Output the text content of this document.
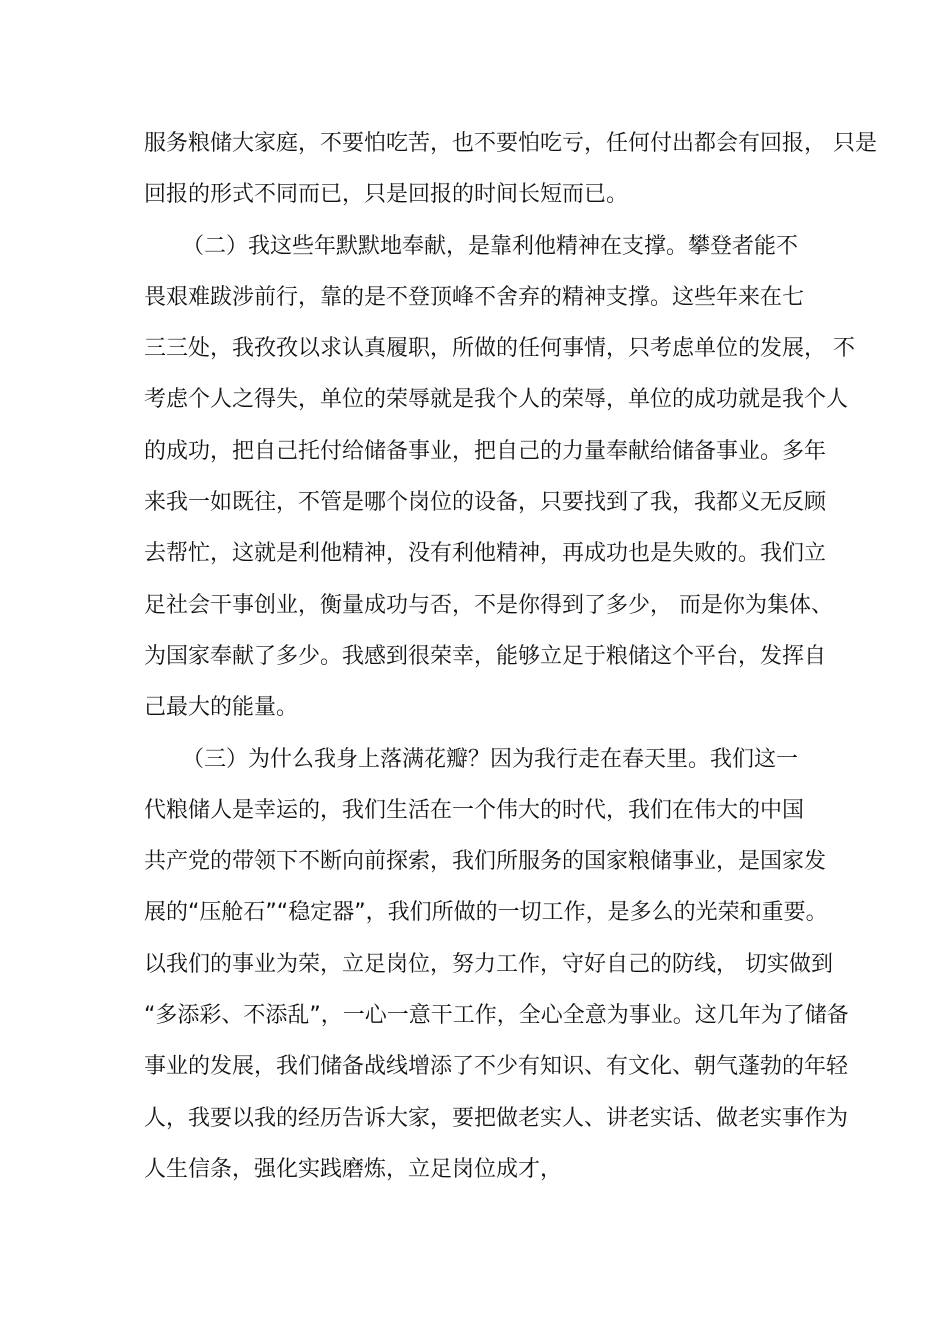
服务粮储大家庭，不要怕吃苦，也不要怕吃亏，任何付出都会有回报， 只是
回报的形式不同而已，只是回报的时间长短而已。
（二）我这些年默默地奉献，是靠利他精神在支撑。攀登者能不
畏艰难跋涉前行，靠的是不登顶峰不舍弃的精神支撑。这些年来在七
三三处，我孜孜以求认真履职，所做的任何事情，只考虑单位的发展， 不
考虑个人之得失，单位的荣辱就是我个人的荣辱，单位的成功就是我个人
的成功，把自己托付给储备事业，把自己的力量奉献给储备事业。多年
来我一如既往，不管是哪个岗位的设备，只要找到了我，我都义无反顾
去帮忙，这就是利他精神，没有利他精神，再成功也是失败的。我们立
足社会干事创业，衡量成功与否，不是你得到了多少， 而是你为集体、
为国家奉献了多少。我感到很荣幸，能够立足于粮储这个平台，发挥自
己最大的能量。
（三）为什么我身上落满花瓣？因为我行走在春天里。我们这一
代粮储人是幸运的，我们生活在一个伟大的时代，我们在伟大的中国
共产党的带领下不断向前探索，我们所服务的国家粮储事业，是国家发
展的“压舱石”“稳定器”，我们所做的一切工作，是多么的光荣和重要。
以我们的事业为荣，立足岗位，努力工作，守好自己的防线， 切实做到
“多添彩、不添乱”，一心一意干工作，全心全意为事业。这几年为了储备
事业的发展，我们储备战线增添了不少有知识、有文化、朝气蓬勃的年轻
人，我要以我的经历告诉大家，要把做老实人、讲老实话、做老实事作为
人生信条，强化实践磨炼，立足岗位成才，
